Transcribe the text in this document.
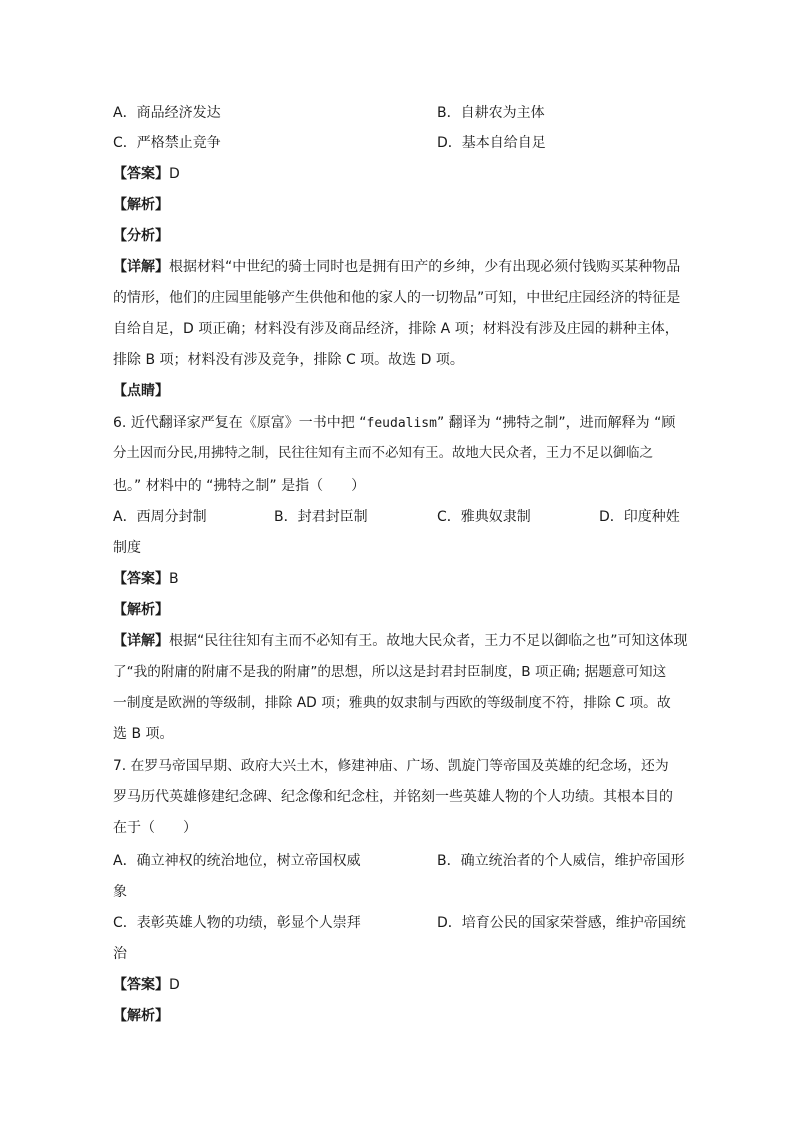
A．商品经济发达	B．自耕农为主体
C．严格禁止竞争	D．基本自给自足
【答案】D
【解析】
【分析】
【详解】根据材料“中世纪的骑士同时也是拥有田产的乡绅，少有出现必须付钱购买某种物品
的情形，他们的庄园里能够产生供他和他的家人的一切物品”可知，中世纪庄园经济的特征是
自给自足，D 项正确；材料没有涉及商品经济，排除 A 项；材料没有涉及庄园的耕种主体，
排除 B 项；材料没有涉及竞争，排除 C 项。故选 D 项。
【点睛】
6. 近代翻译家严复在《原富》一书中把 “feudalism” 翻译为 “拂特之制”，进而解释为 “顾
分土因而分民,用拂特之制，民往往知有主而不必知有王。故地大民众者，王力不足以御临之
也。” 材料中的 “拂特之制” 是指（　　）
A．西周分封制	B．封君封臣制	C．雅典奴隶制	D．印度种姓
制度
【答案】B
【解析】
【详解】根据“民往往知有主而不必知有王。故地大民众者，王力不足以御临之也”可知这体现
了“我的附庸的附庸不是我的附庸”的思想，所以这是封君封臣制度，B 项正确; 据题意可知这
一制度是欧洲的等级制，排除 AD 项；雅典的奴隶制与西欧的等级制度不符，排除 C 项。故
选 B 项。
7. 在罗马帝国早期、政府大兴土木，修建神庙、广场、凯旋门等帝国及英雄的纪念场，还为
罗马历代英雄修建纪念碑、纪念像和纪念柱，并铭刻一些英雄人物的个人功绩。其根本目的
在于（　　）
A．确立神权的统治地位，树立帝国权威	B．确立统治者的个人威信，维护帝国形
象
C．表彰英雄人物的功绩，彰显个人崇拜	D．培育公民的国家荣誉感，维护帝国统
治
【答案】D
【解析】
